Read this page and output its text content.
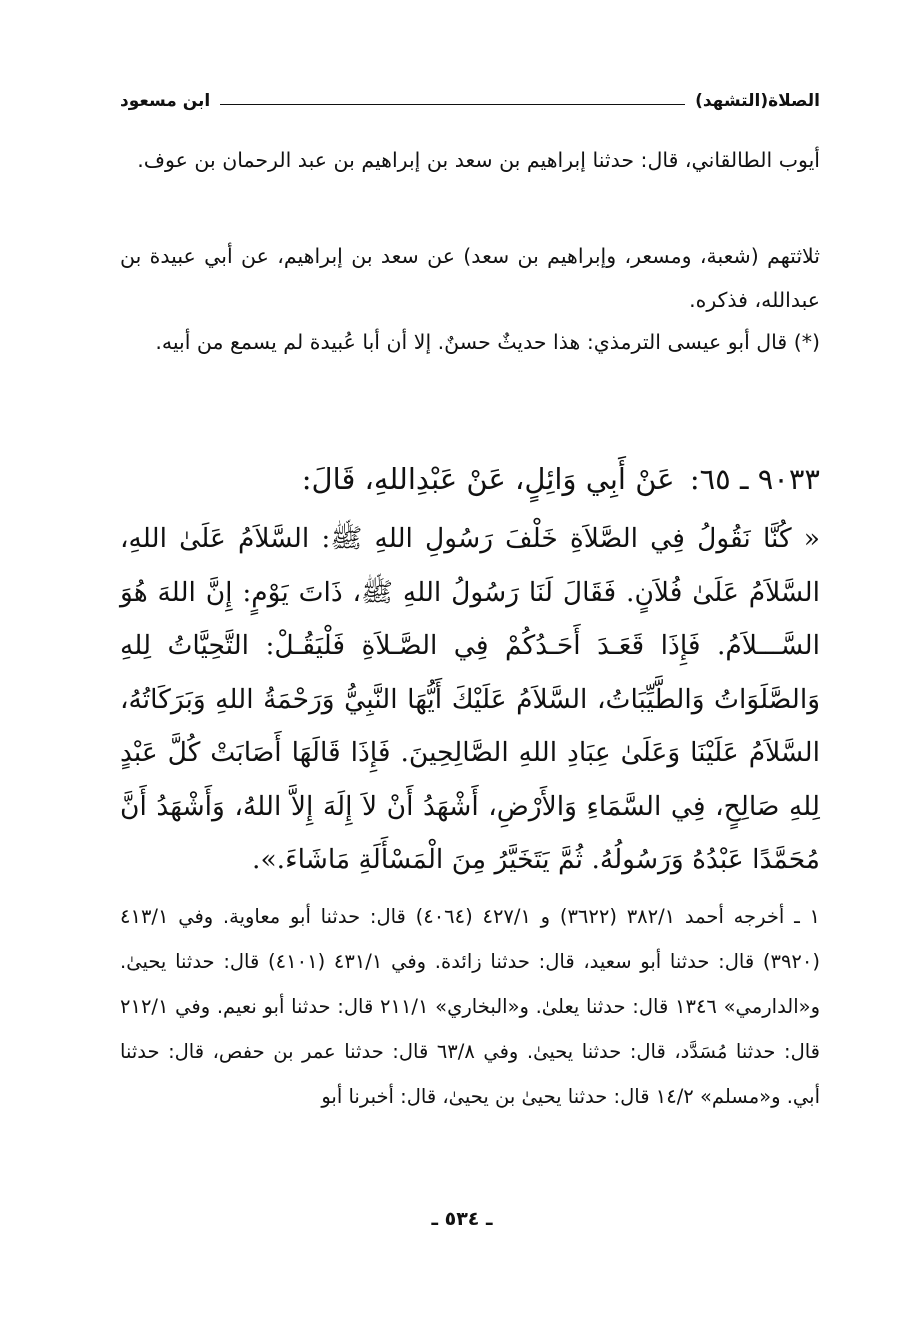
الصلاة(التشهد)
ابن مسعود

أيوب الطالقاني، قال: حدثنا إبراهيم بن سعد بن إبراهيم بن عبد الرحمان بن عوف.

ثلاثتهم (شعبة، ومسعر، وإبراهيم بن سعد) عن سعد بن إبراهيم، عن أبي عبيدة بن عبدالله، فذكره.

(*) قال أبو عيسى الترمذي: هذا حديثٌ حسنٌ. إلا أن أبا عُبيدة لم يسمع من أبيه.

٩٠٣٣ ـ ٦٥: عَنْ أَبِي وَائِلٍ، عَنْ عَبْدِاللهِ، قَالَ:

« كُنَّا نَقُولُ فِي الصَّلاَةِ خَلْفَ رَسُولِ اللهِ ﷺ: السَّلاَمُ عَلَىٰ اللهِ، السَّلاَمُ عَلَىٰ فُلاَنٍ. فَقَالَ لَنَا رَسُولُ اللهِ ﷺ، ذَاتَ يَوْمٍ: إِنَّ اللهَ هُوَ السَّـــلاَمُ. فَإِذَا قَعَـدَ أَحَـدُكُمْ فِي الصَّـلاَةِ فَلْيَقُـلْ: التَّحِيَّاتُ لِلهِ وَالصَّلَوَاتُ وَالطَّيِّبَاتُ، السَّلاَمُ عَلَيْكَ أَيُّهَا النَّبِيُّ وَرَحْمَةُ اللهِ وَبَرَكَاتُهُ، السَّلاَمُ عَلَيْنَا وَعَلَىٰ عِبَادِ اللهِ الصَّالِحِينَ. فَإِذَا قَالَهَا أَصَابَتْ كُلَّ عَبْدٍ لِلهِ صَالِحٍ، فِي السَّمَاءِ وَالأَرْضِ، أَشْهَدُ أَنْ لاَ إِلَهَ إِلاَّ اللهُ، وَأَشْهَدُ أَنَّ مُحَمَّدًا عَبْدُهُ وَرَسُولُهُ. ثُمَّ يَتَخَيَّرُ مِنَ الْمَسْأَلَةِ مَاشَاءَ.».

١ ـ أخرجه أحمد ٣٨٢/١ (٣٦٢٢) و ٤٢٧/١ (٤٠٦٤) قال: حدثنا أبو معاوية. وفي ٤١٣/١ (٣٩٢٠) قال: حدثنا أبو سعيد، قال: حدثنا زائدة. وفي ٤٣١/١ (٤١٠١) قال: حدثنا يحيىٰ. و«الدارمي» ١٣٤٦ قال: حدثنا يعلىٰ. و«البخاري» ٢١١/١ قال: حدثنا أبو نعيم. وفي ٢١٢/١ قال: حدثنا مُسَدَّد، قال: حدثنا يحيىٰ. وفي ٦٣/٨ قال: حدثنا عمر بن حفص، قال: حدثنا أبي. و«مسلم» ١٤/٢ قال: حدثنا يحيىٰ بن يحيىٰ، قال: أخبرنا أبو

ـ ٥٣٤ ـ
